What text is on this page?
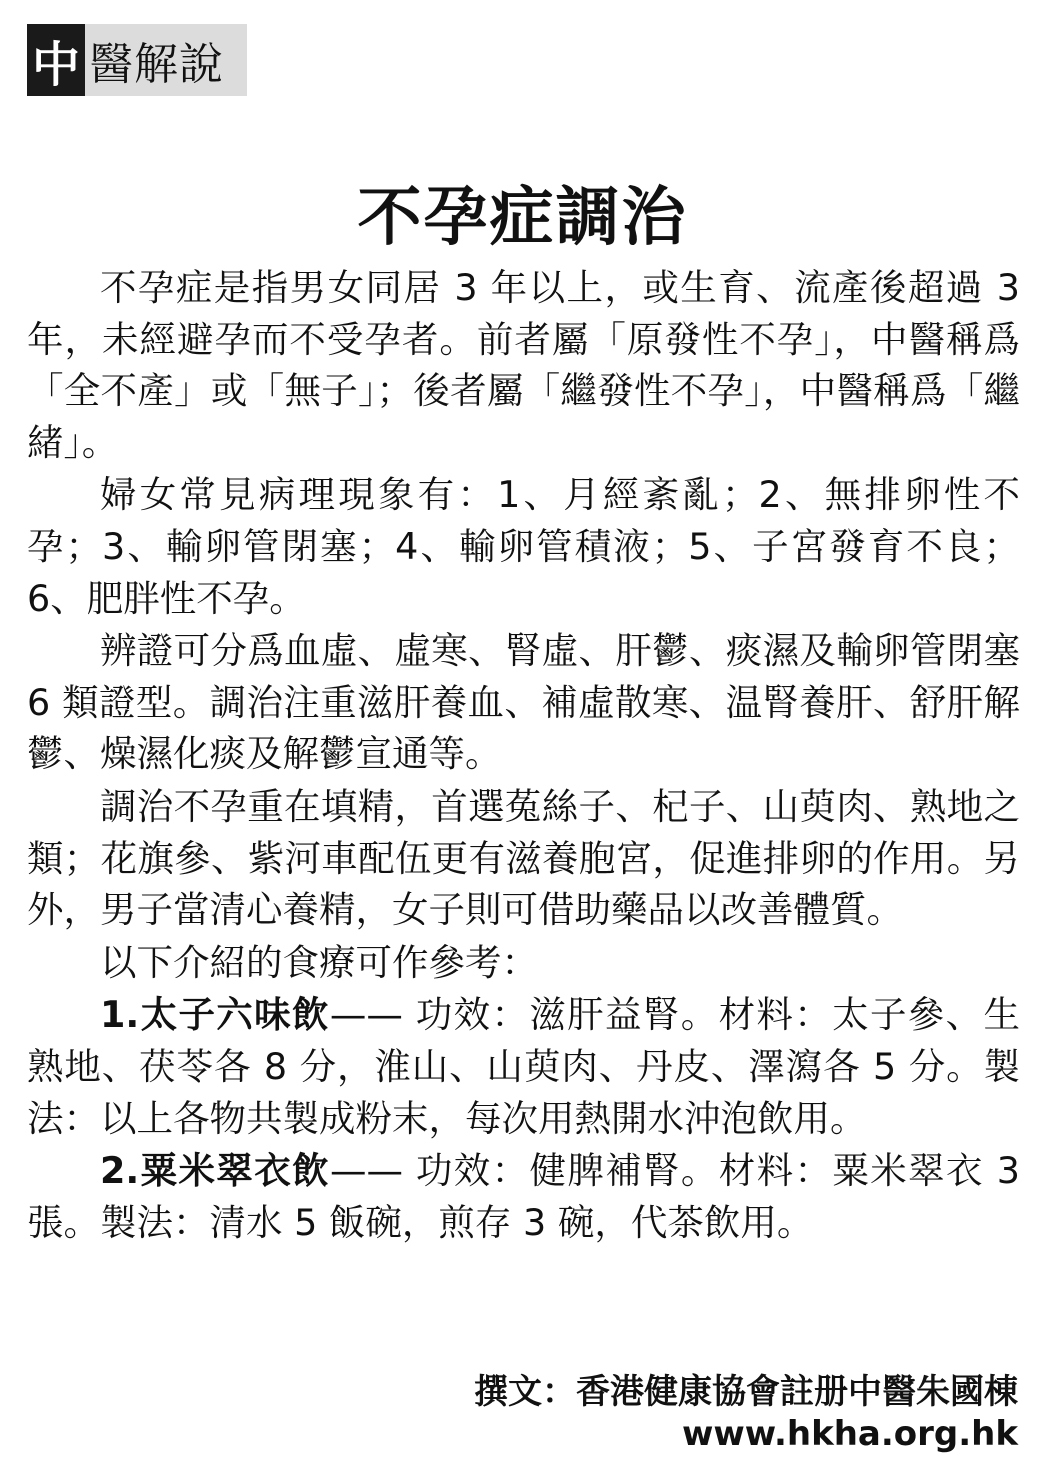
中 醫解說
不孕症調治

不孕症是指男女同居 3 年以上，或生育、流產後超過 3 年，未經避孕而不受孕者。前者屬「原發性不孕」，中醫稱爲「全不產」或「無子」；後者屬「繼發性不孕」，中醫稱爲「繼緒」。

婦女常見病理現象有：1、月經紊亂；2、無排卵性不孕；3、輸卵管閉塞；4、輸卵管積液；5、子宮發育不良；6、肥胖性不孕。

辨證可分爲血虛、虛寒、腎虛、肝鬱、痰濕及輸卵管閉塞 6 類證型。調治注重滋肝養血、補虛散寒、温腎養肝、舒肝解鬱、燥濕化痰及解鬱宣通等。

調治不孕重在填精，首選菟絲子、杞子、山萸肉、熟地之類；花旗參、紫河車配伍更有滋養胞宮，促進排卵的作用。另外，男子當清心養精，女子則可借助藥品以改善體質。

以下介紹的食療可作參考：

1.太子六味飲—— 功效：滋肝益腎。材料：太子參、生熟地、茯苓各 8 分，淮山、山萸肉、丹皮、澤瀉各 5 分。製法：以上各物共製成粉末，每次用熱開水沖泡飲用。

2.粟米翠衣飲—— 功效：健脾補腎。材料：粟米翠衣 3 張。製法：清水 5 飯碗，煎存 3 碗，代茶飲用。

撰文：香港健康協會註册中醫朱國棟
www.hkha.org.hk
